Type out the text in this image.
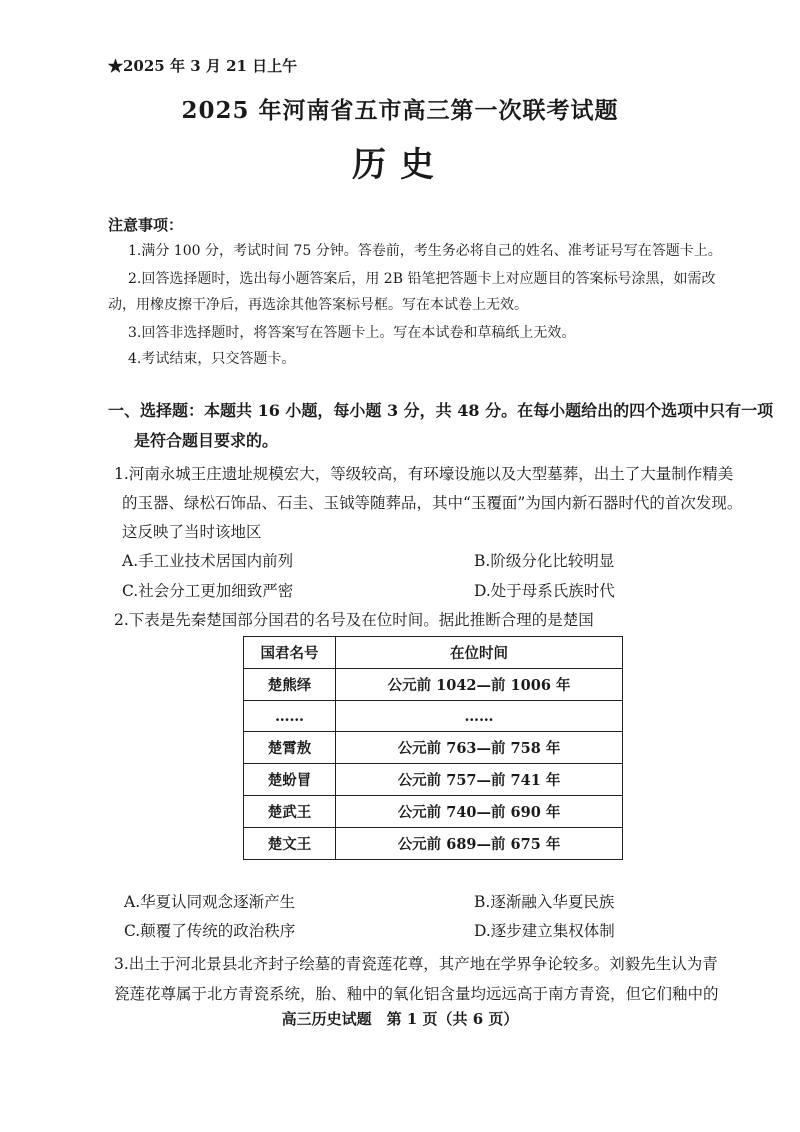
★2025 年 3 月 21 日上午
2025 年河南省五市高三第一次联考试题
历史
注意事项：
1.满分 100 分，考试时间 75 分钟。答卷前，考生务必将自己的姓名、准考证号写在答题卡上。
2.回答选择题时，选出每小题答案后，用 2B 铅笔把答题卡上对应题目的答案标号涂黑，如需改
动，用橡皮擦干净后，再选涂其他答案标号框。写在本试卷上无效。
3.回答非选择题时，将答案写在答题卡上。写在本试卷和草稿纸上无效。
4.考试结束，只交答题卡。
一、选择题：本题共 16 小题，每小题 3 分，共 48 分。在每小题给出的四个选项中只有一项
是符合题目要求的。
1.河南永城王庄遗址规模宏大，等级较高，有环壕设施以及大型墓葬，出土了大量制作精美
的玉器、绿松石饰品、石圭、玉钺等随葬品，其中“玉覆面”为国内新石器时代的首次发现。
这反映了当时该地区
A.手工业技术居国内前列	B.阶级分化比较明显
C.社会分工更加细致严密	D.处于母系氏族时代
2.下表是先秦楚国部分国君的名号及在位时间。据此推断合理的是楚国
国君名号	在位时间
楚熊绎	公元前 1042—前 1006 年
……	……
楚霄敖	公元前 763—前 758 年
楚蚡冒	公元前 757—前 741 年
楚武王	公元前 740—前 690 年
楚文王	公元前 689—前 675 年
A.华夏认同观念逐渐产生	B.逐渐融入华夏民族
C.颠覆了传统的政治秩序	D.逐步建立集权体制
3.出土于河北景县北齐封子绘墓的青瓷莲花尊，其产地在学界争论较多。刘毅先生认为青
瓷莲花尊属于北方青瓷系统，胎、釉中的氧化铝含量均远远高于南方青瓷，但它们釉中的
高三历史试题　第 1 页（共 6 页）
